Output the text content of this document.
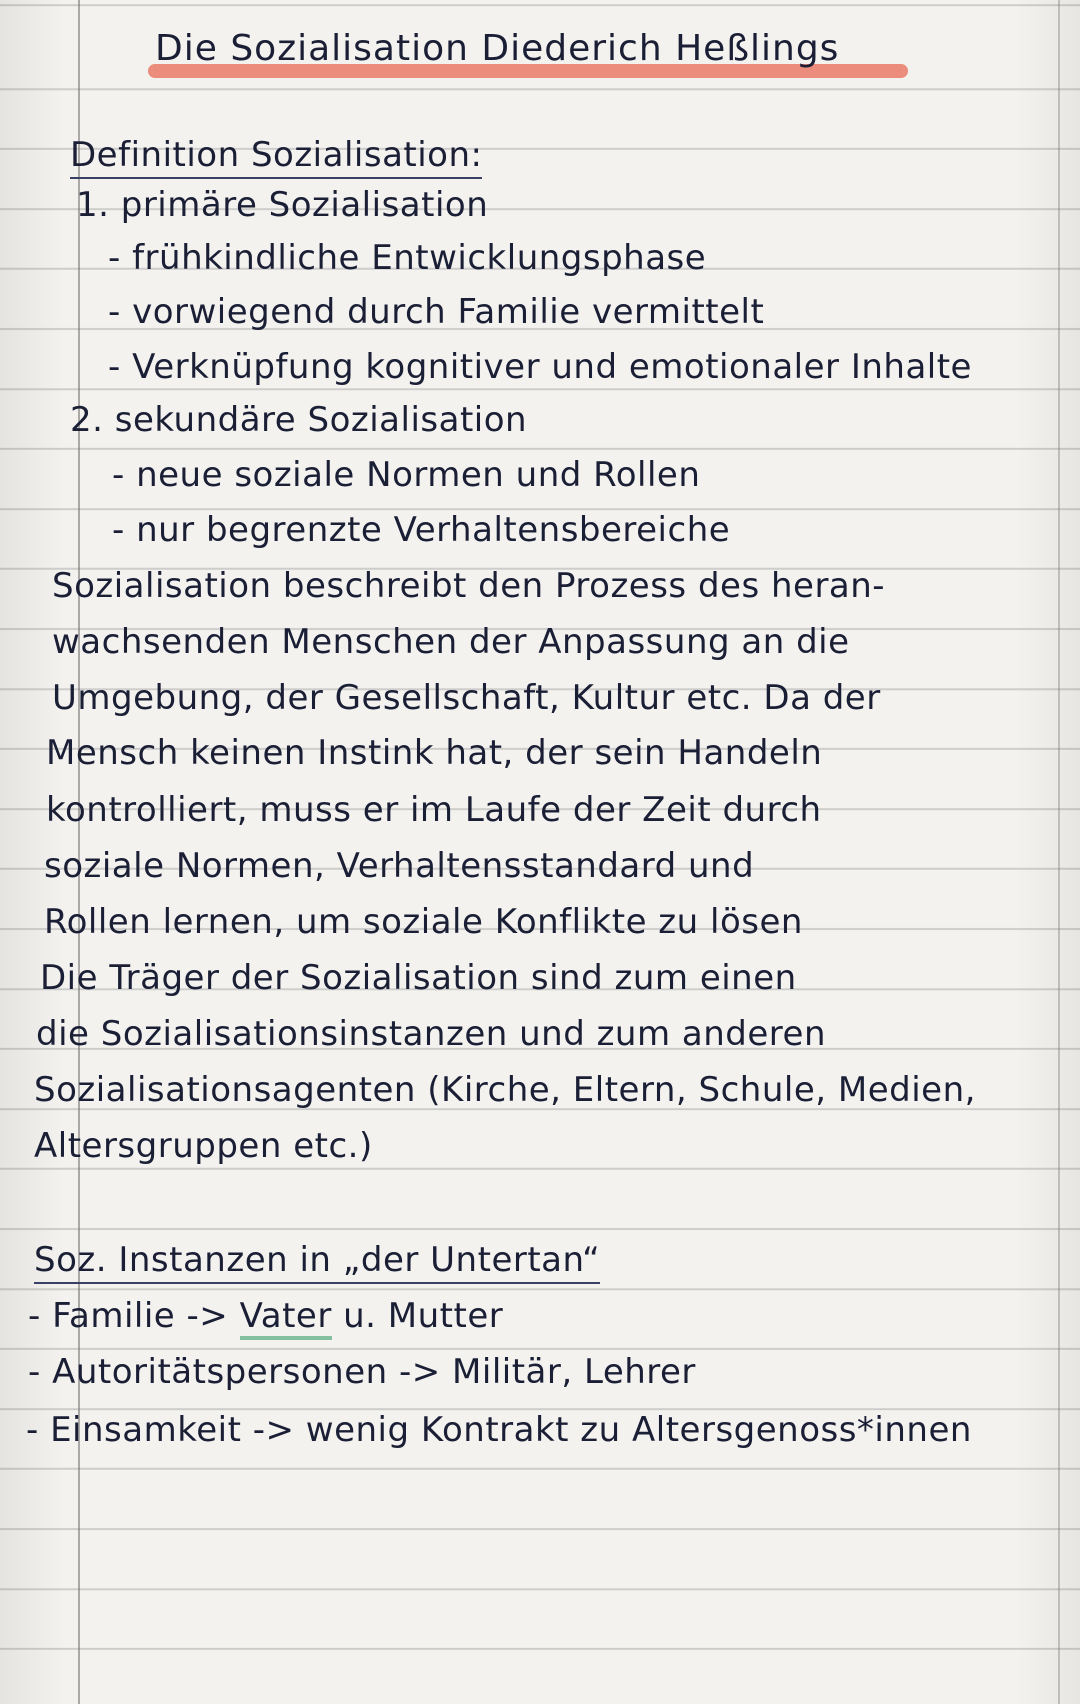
Die Sozialisation Diederich Heßlings
Definition Sozialisation:
1. primäre Sozialisation
- frühkindliche Entwicklungsphase
- vorwiegend durch Familie vermittelt
- Verknüpfung kognitiver und emotionaler Inhalte
2. sekundäre Sozialisation
- neue soziale Normen und Rollen
- nur begrenzte Verhaltensbereiche
Sozialisation beschreibt den Prozess des heran-
wachsenden Menschen der Anpassung an die
Umgebung, der Gesellschaft, Kultur etc. Da der
Mensch keinen Instink hat, der sein Handeln
kontrolliert, muss er im Laufe der Zeit durch
soziale Normen, Verhaltensstandard und
Rollen lernen, um soziale Konflikte zu lösen
Die Träger der Sozialisation sind zum einen
die Sozialisationsinstanzen und zum anderen
Sozialisationsagenten (Kirche, Eltern, Schule, Medien,
Altersgruppen etc.)
Soz. Instanzen in „der Untertan“
- Familie -> Vater u. Mutter
- Autoritätspersonen -> Militär, Lehrer
- Einsamkeit -> wenig Kontrakt zu Altersgenoss*innen
